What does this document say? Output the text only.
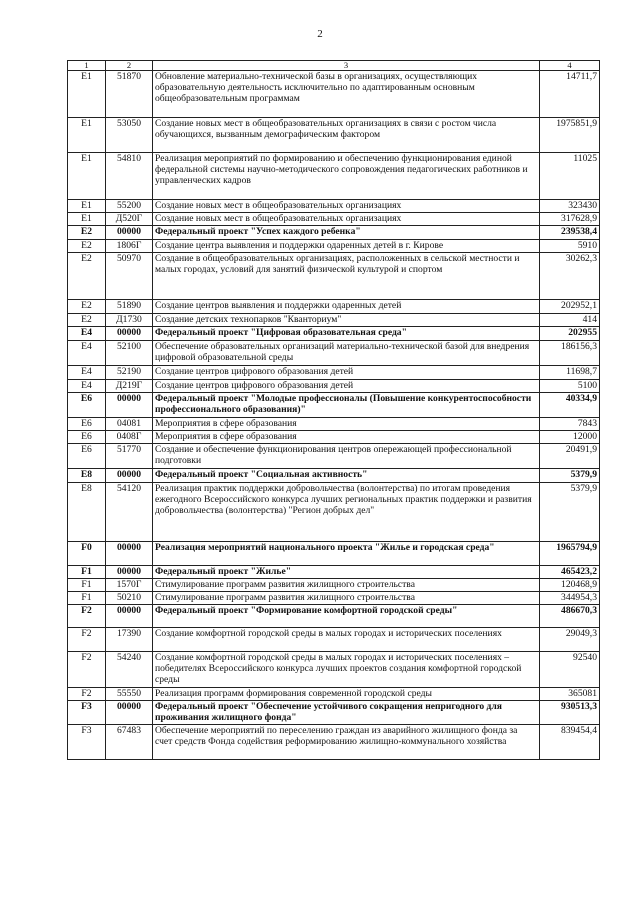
2
1	2	3	4
E1	51870	Обновление материально-технической базы в организациях, осуществляющих образовательную деятельность исключительно по адаптированным основным общеобразовательным программам	14711,7
E1	53050	Создание новых мест в общеобразовательных организациях в связи с ростом числа обучающихся, вызванным демографическим фактором	1975851,9
E1	54810	Реализация мероприятий по формированию и обеспечению функционирования единой федеральной системы научно-методического сопровождения педагогических работников и управленческих кадров	11025
E1	55200	Создание новых мест в общеобразовательных организациях	323430
E1	Д520Г	Создание новых мест в общеобразовательных организациях	317628,9
E2	00000	Федеральный проект "Успех каждого ребенка"	239538,4
E2	1806Г	Создание центра выявления и поддержки одаренных детей в г. Кирове	5910
E2	50970	Создание в общеобразовательных организациях, расположенных в сельской местности и малых городах, условий для занятий физической культурой и спортом	30262,3
E2	51890	Создание центров выявления и поддержки одаренных детей	202952,1
E2	Д1730	Создание детских технопарков "Кванториум"	414
E4	00000	Федеральный проект "Цифровая образовательная среда"	202955
E4	52100	Обеспечение образовательных организаций материально-технической базой для внедрения цифровой образовательной среды	186156,3
E4	52190	Создание центров цифрового образования детей	11698,7
E4	Д219Г	Создание центров цифрового образования детей	5100
E6	00000	Федеральный проект "Молодые профессионалы (Повышение конкурентоспособности профессионального образования)"	40334,9
E6	04081	Мероприятия в сфере образования	7843
E6	0408Г	Мероприятия в сфере образования	12000
E6	51770	Создание и обеспечение функционирования центров опережающей профессиональной подготовки	20491,9
E8	00000	Федеральный проект "Социальная активность"	5379,9
E8	54120	Реализация практик поддержки добровольчества (волонтерства) по итогам проведения ежегодного Всероссийского конкурса лучших региональных практик поддержки и развития добровольчества (волонтерства) "Регион добрых дел"	5379,9
F0	00000	Реализация мероприятий национального проекта "Жилье и городская среда"	1965794,9
F1	00000	Федеральный проект "Жилье"	465423,2
F1	1570Г	Стимулирование программ развития жилищного строительства	120468,9
F1	50210	Стимулирование программ развития жилищного строительства	344954,3
F2	00000	Федеральный проект "Формирование комфортной городской среды"	486670,3
F2	17390	Создание комфортной городской среды в малых городах и исторических поселениях	29049,3
F2	54240	Создание комфортной городской среды в малых городах и исторических поселениях – победителях Всероссийского конкурса лучших проектов создания комфортной городской среды	92540
F2	55550	Реализация программ формирования современной городской среды	365081
F3	00000	Федеральный проект "Обеспечение устойчивого сокращения непригодного для проживания жилищного фонда"	930513,3
F3	67483	Обеспечение мероприятий по переселению граждан из аварийного жилищного фонда за счет средств Фонда содействия реформированию жилищно-коммунального хозяйства	839454,4
